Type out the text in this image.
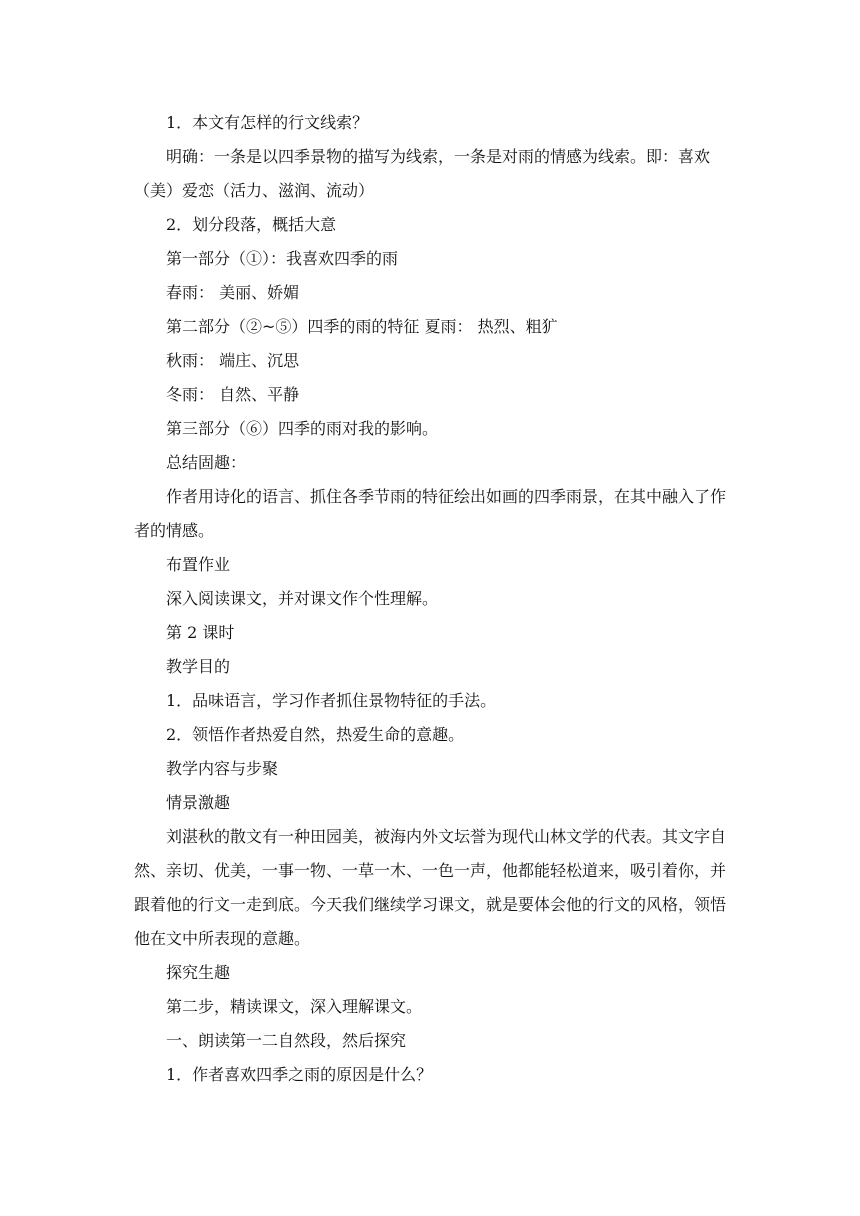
1．本文有怎样的行文线索？

明确：一条是以四季景物的描写为线索，一条是对雨的情感为线索。即：喜欢（美）爱恋（活力、滋润、流动）

2．划分段落，概括大意

第一部分（①）：我喜欢四季的雨

春雨： 美丽、娇媚

第二部分（②~⑤）四季的雨的特征 夏雨： 热烈、粗犷

秋雨： 端庄、沉思

冬雨： 自然、平静

第三部分（⑥）四季的雨对我的影响。

总结固趣：

作者用诗化的语言、抓住各季节雨的特征绘出如画的四季雨景，在其中融入了作者的情感。

布置作业

深入阅读课文，并对课文作个性理解。

第 2 课时

教学目的

1．品味语言，学习作者抓住景物特征的手法。

2．领悟作者热爱自然，热爱生命的意趣。

教学内容与步聚

情景激趣

刘湛秋的散文有一种田园美，被海内外文坛誉为现代山林文学的代表。其文字自然、亲切、优美，一事一物、一草一木、一色一声，他都能轻松道来，吸引着你，并跟着他的行文一走到底。今天我们继续学习课文，就是要体会他的行文的风格，领悟他在文中所表现的意趣。

探究生趣

第二步，精读课文，深入理解课文。

一、朗读第一二自然段，然后探究

1．作者喜欢四季之雨的原因是什么？
